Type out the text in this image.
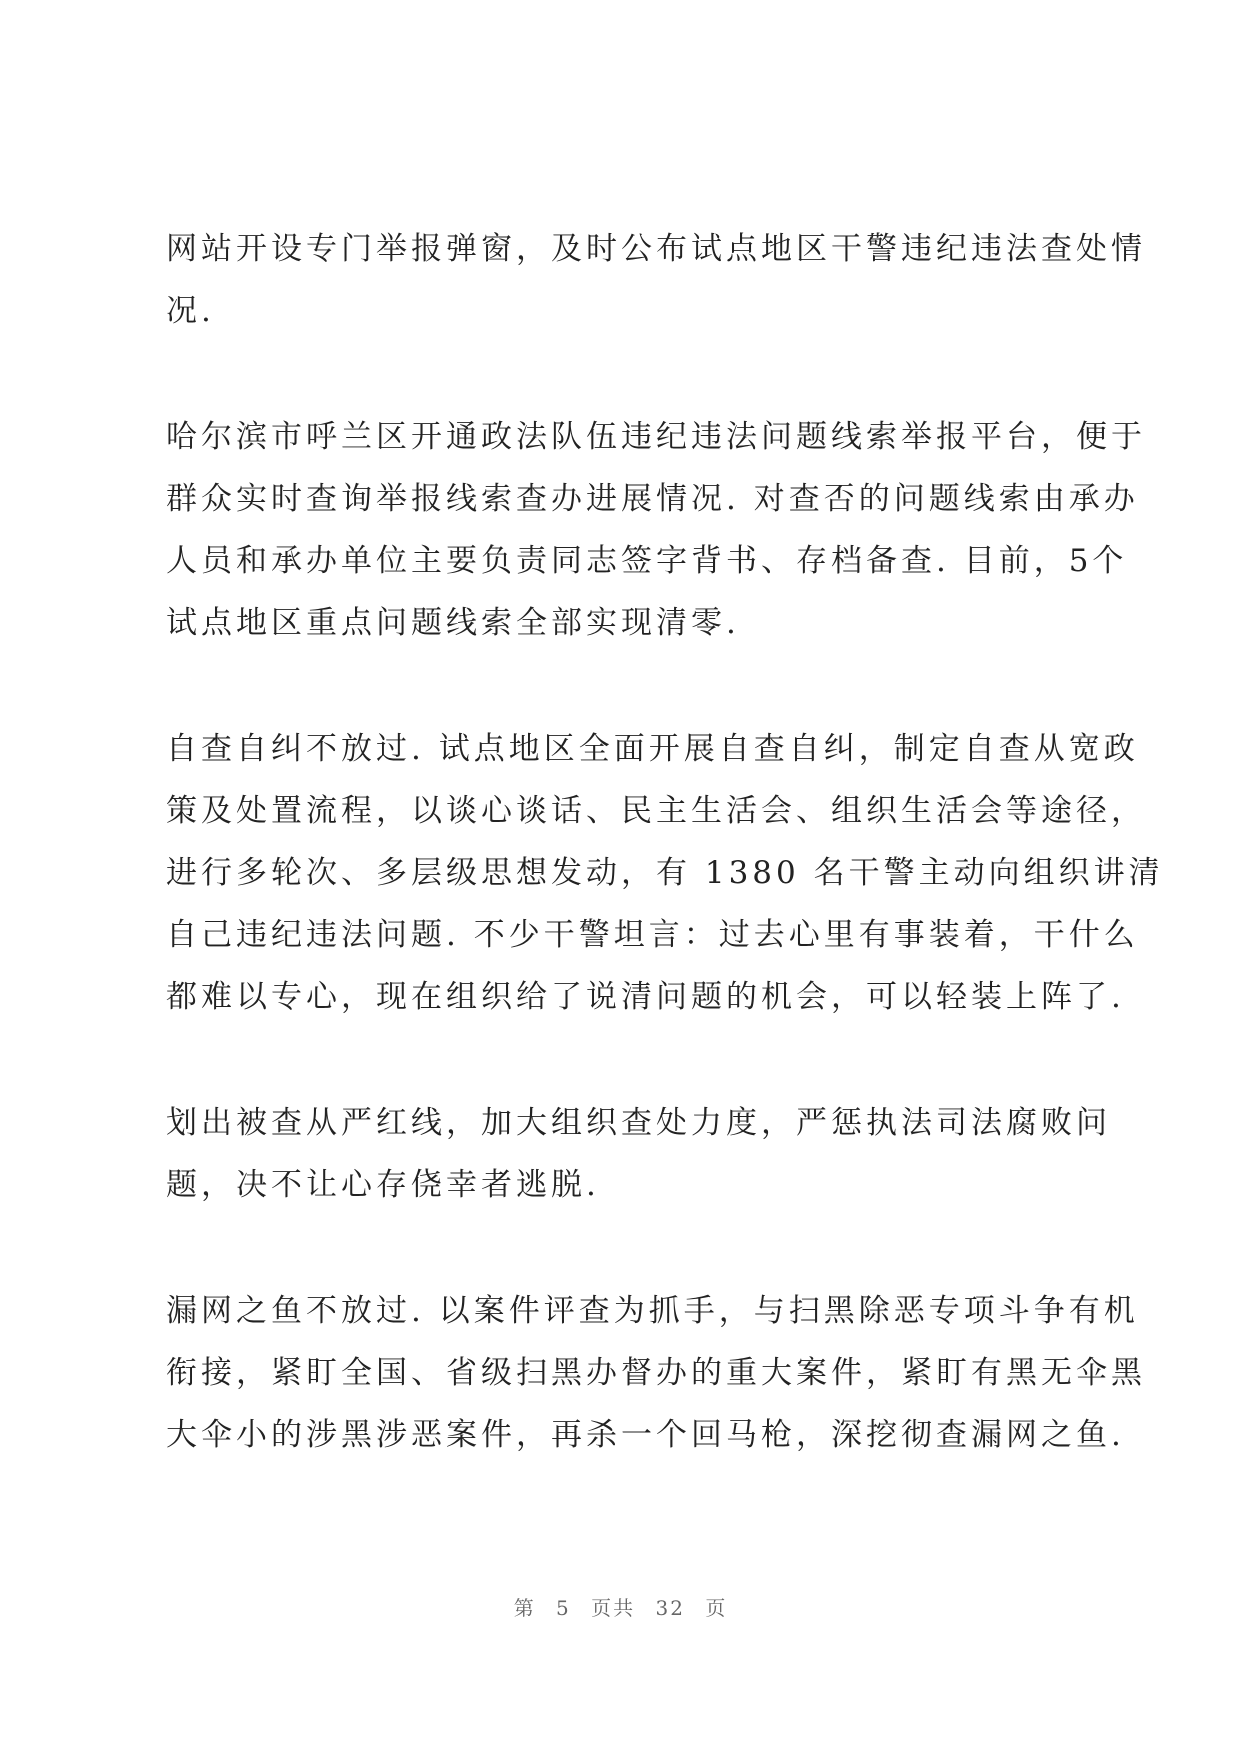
网站开设专门举报弹窗，及时公布试点地区干警违纪违法查处情
况.

哈尔滨市呼兰区开通政法队伍违纪违法问题线索举报平台，便于
群众实时查询举报线索查办进展情况. 对查否的问题线索由承办
人员和承办单位主要负责同志签字背书、存档备查. 目前，5个
试点地区重点问题线索全部实现清零.

自查自纠不放过. 试点地区全面开展自查自纠，制定自查从宽政
策及处置流程，以谈心谈话、民主生活会、组织生活会等途径，
进行多轮次、多层级思想发动，有 1380 名干警主动向组织讲清
自己违纪违法问题. 不少干警坦言：过去心里有事装着，干什么
都难以专心，现在组织给了说清问题的机会，可以轻装上阵了.

划出被查从严红线，加大组织查处力度，严惩执法司法腐败问
题，决不让心存侥幸者逃脱.

漏网之鱼不放过. 以案件评查为抓手，与扫黑除恶专项斗争有机
衔接，紧盯全国、省级扫黑办督办的重大案件，紧盯有黑无伞黑
大伞小的涉黑涉恶案件，再杀一个回马枪，深挖彻查漏网之鱼.

第 5 页共 32 页
